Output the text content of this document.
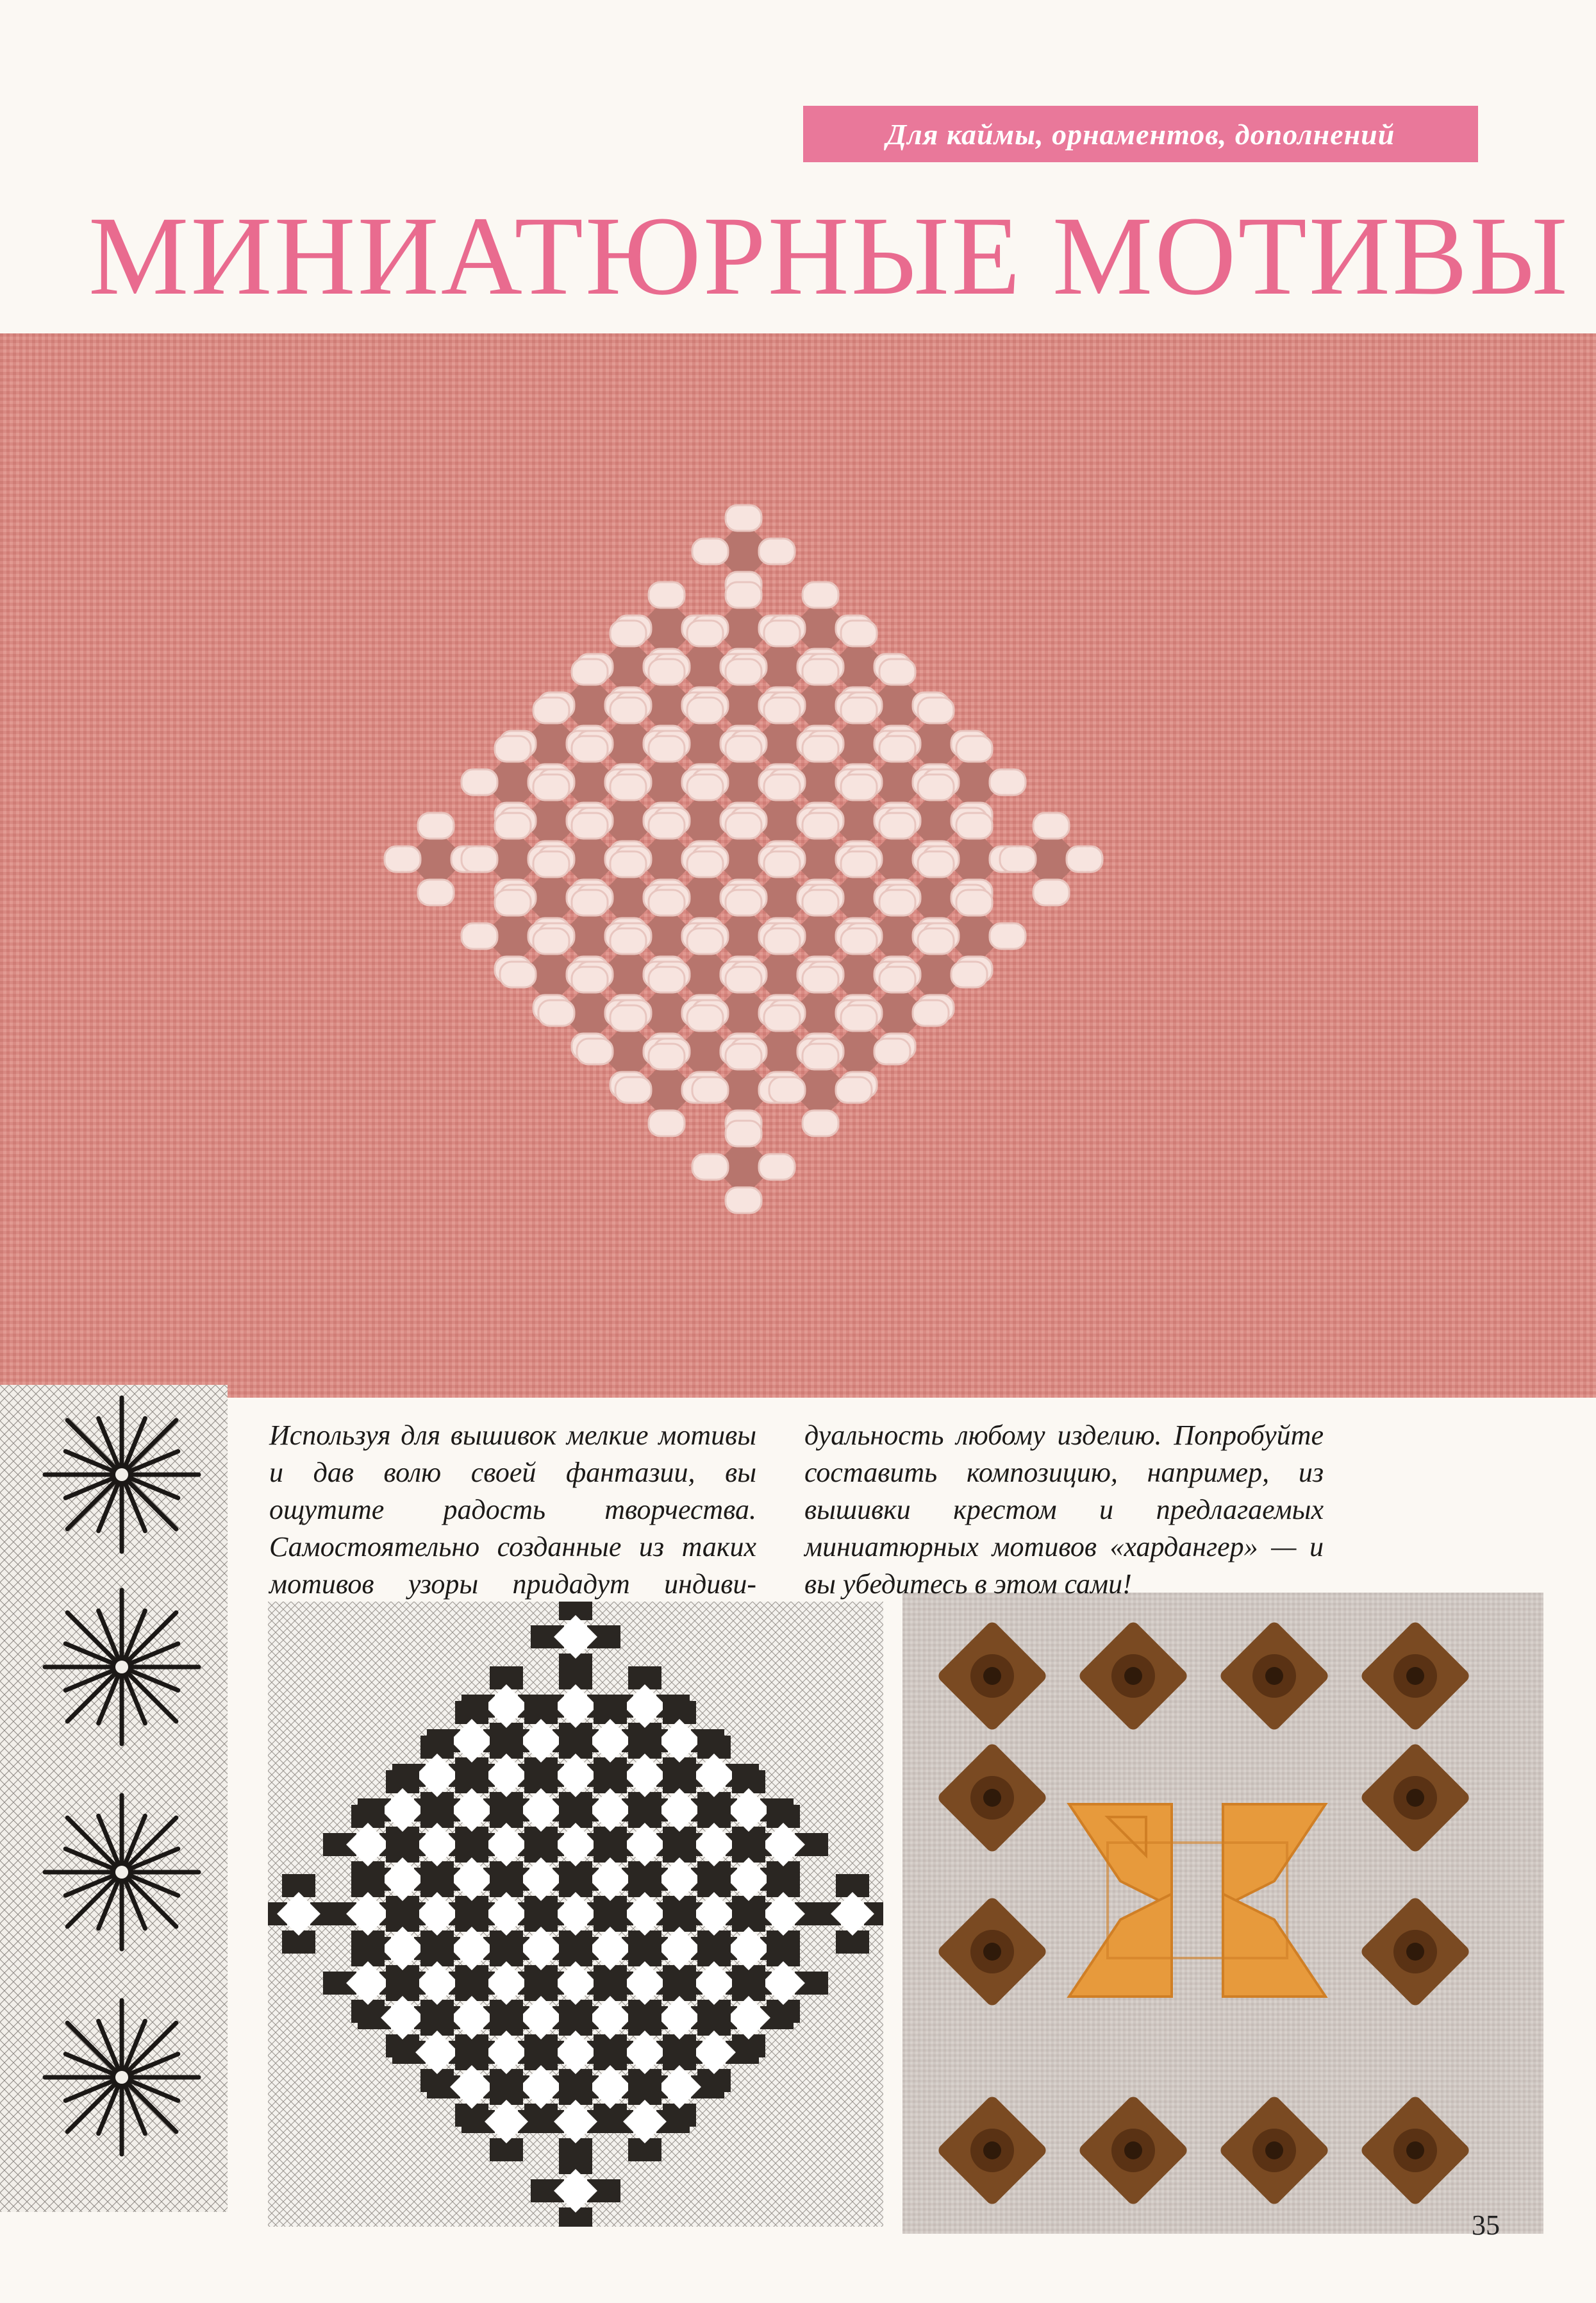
Для каймы, орнаментов, дополнений
МИНИАТЮРНЫЕ МОТИВЫ
Используя для вышивок мелкие мотивы и дав волю своей фантазии, вы ощутите радость творчества. Самостоятельно созданные из таких мотивов узоры придадут индиви-
дуальность любому изделию. Попробуйте составить композицию, например, из вышивки крестом и предлагаемых миниатюрных мотивов «хардангер» — и вы убедитесь в этом сами!
35
